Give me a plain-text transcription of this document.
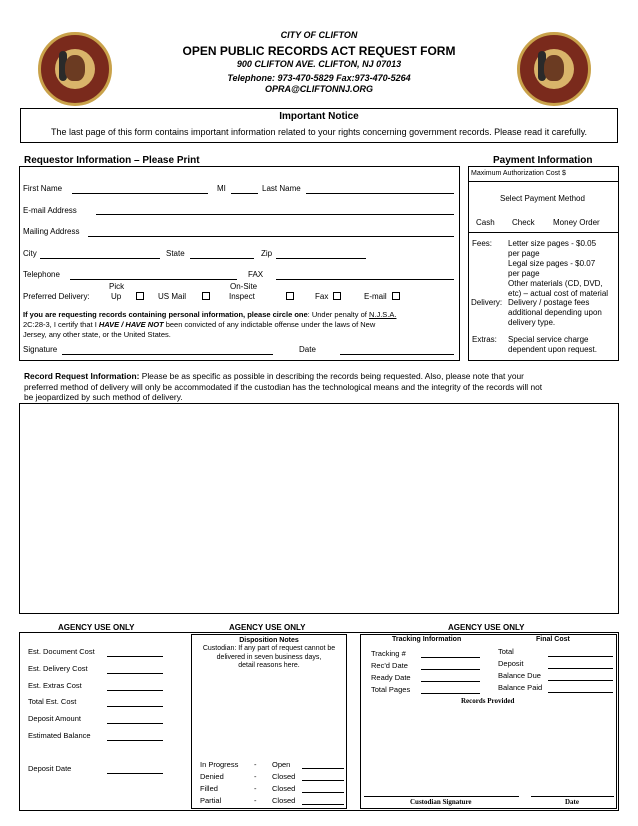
CITY OF CLIFTON
OPEN PUBLIC RECORDS ACT REQUEST FORM
900 CLIFTON AVE. CLIFTON, NJ 07013
Telephone: 973-470-5829 Fax:973-470-5264
OPRA@CLIFTONNJ.ORG
Important Notice
The last page of this form contains important information related to your rights concerning government records. Please read it carefully.
Requestor Information – Please Print	Payment Information
First Name	MI	Last Name
E-mail Address
Mailing Address
City	State	Zip
Telephone	FAX
Pick	On-Site
Preferred Delivery:	Up	US Mail	Inspect	Fax	E-mail
If you are requesting records containing personal information, please circle one: Under penalty of N.J.S.A.
2C:28-3, I certify that I HAVE / HAVE NOT been convicted of any indictable offense under the laws of New
Jersey, any other state, or the United States.
Signature	Date
Maximum Authorization Cost $
Select Payment Method
Cash Check Money Order
Fees: Letter size pages - $0.05
per page
Legal size pages - $0.07
per page
Other materials (CD, DVD,
etc) – actual cost of material
Delivery: Delivery / postage fees
additional depending upon
delivery type.
Extras: Special service charge
dependent upon request.
Record Request Information: Please be as specific as possible in describing the records being requested. Also, please note that your
preferred method of delivery will only be accommodated if the custodian has the technological means and the integrity of the records will not
be jeopardized by such method of delivery.
AGENCY USE ONLY	AGENCY USE ONLY	AGENCY USE ONLY
Est. Document Cost
Est. Delivery Cost
Est. Extras Cost
Total Est. Cost
Deposit Amount
Estimated Balance
Deposit Date
Disposition Notes
Custodian: If any part of request cannot be
delivered in seven business days,
detail reasons here.
In Progress - Open
Denied	- Closed
Filled	- Closed
Partial	- Closed
Tracking Information	Final Cost
Tracking #
Rec'd Date
Ready Date
Total Pages
Total
Deposit
Balance Due
Balance Paid
Records Provided
Custodian Signature	Date
